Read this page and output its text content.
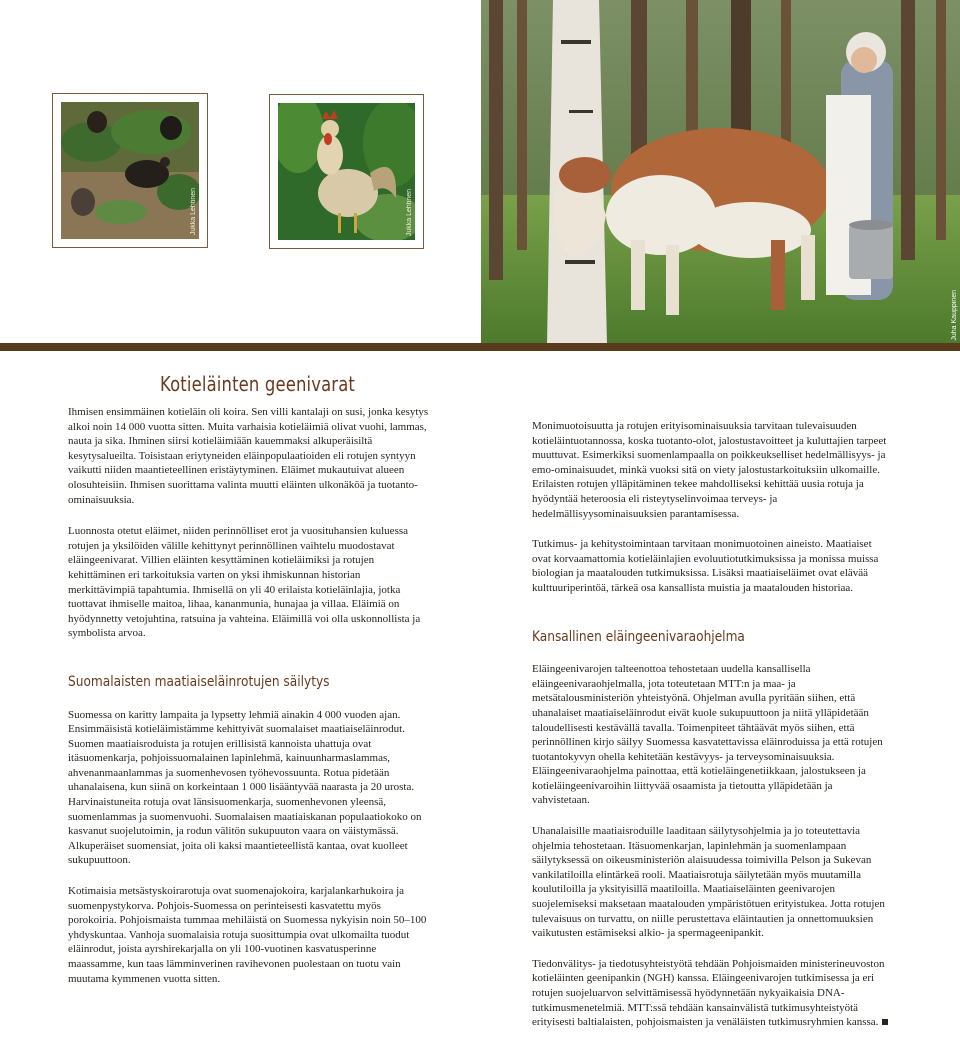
Jukka Lehtinen	Jukka Lehtinen
Juha Kauppinen
Kotieläinten geenivarat

Ihmisen ensimmäinen kotieläin oli koira. Sen villi kantalaji on susi, jonka kesytys alkoi noin 14 000 vuotta sitten. Muita varhaisia kotieläimiä olivat vuohi, lammas, nauta ja sika. Ihminen siirsi kotieläimiään kauemmaksi alkuperäisiltä kesytysalueilta. Toisistaan eriytyneiden eläinpopulaatioiden eli rotujen syntyyn vaikutti niiden maantieteellinen eristäytyminen. Eläimet mukautuivat alueen olosuhteisiin. Ihmisen suorittama valinta muutti eläinten ulkonäköä ja tuotanto-ominaisuuksia.

Luonnosta otetut eläimet, niiden perinnölliset erot ja vuosituhansien kuluessa rotujen ja yksilöiden välille kehittynyt perinnöllinen vaihtelu muodostavat eläingeenivarat. Villien eläinten kesyttäminen kotieläimiksi ja rotujen kehittäminen eri tarkoituksia varten on yksi ihmiskunnan historian merkittävimpiä tapahtumia. Ihmisellä on yli 40 erilaista kotieläinlajia, jotka tuottavat ihmiselle maitoa, lihaa, kananmunia, hunajaa ja villaa. Eläimiä on hyödynnetty vetojuhtina, ratsuina ja vahteina. Eläimillä voi olla uskonnollista ja symbolista arvoa.

Suomalaisten maatiaiseläinrotujen säilytys

Suomessa on karitty lampaita ja lypsetty lehmiä ainakin 4 000 vuoden ajan. Ensimmäisistä kotieläimistämme kehittyivät suomalaiset maatiaiseläinrodut. Suomen maatiaisroduista ja rotujen erillisistä kannoista uhattuja ovat itäsuomenkarja, pohjoissuomalainen lapinlehmä, kainuunharmaslammas, ahvenanmaanlammas ja suomenhevosen työhevossuunta. Rotua pidetään uhanalaisena, kun siinä on korkeintaan 1 000 lisääntyvää naarasta ja 20 urosta. Harvinaistuneita rotuja ovat länsisuomenkarja, suomenhevonen yleensä, suomenlammas ja suomenvuohi. Suomalaisen maatiaiskanan populaatiokoko on kasvanut suojelutoimin, ja rodun välitön sukupuuton vaara on väistymässä. Alkuperäiset suomensiat, joita oli kaksi maantieteellistä kantaa, ovat kuolleet sukupuuttoon.

Kotimaisia metsästyskoirarotuja ovat suomenajokoira, karjalankarhukoira ja suomenpystykorva. Pohjois-Suomessa on perinteisesti kasvatettu myös porokoiria. Pohjoismaista tummaa mehiläistä on Suomessa nykyisin noin 50–100 yhdyskuntaa. Vanhoja suomalaisia rotuja suosittumpia ovat ulkomailta tuodut eläinrodut, joista ayrshirekarjalla on yli 100-vuotinen kasvatusperinne maassamme, kun taas lämminverinen ravihevonen puolestaan on tuotu vain muutama kymmenen vuotta sitten.

Monimuotoisuutta ja rotujen erityisominaisuuksia tarvitaan tulevaisuuden kotieläintuotannossa, koska tuotanto-olot, jalostustavoitteet ja kuluttajien tarpeet muuttuvat. Esimerkiksi suomenlampaalla on poikkeukselliset hedelmällisyys- ja emo-ominaisuudet, minkä vuoksi sitä on viety jalostustarkoituksiin ulkomaille. Erilaisten rotujen ylläpitäminen tekee mahdolliseksi kehittää uusia rotuja ja hyödyntää heteroosia eli risteytyselinvoimaa terveys- ja hedelmällisyysominaisuuksien parantamisessa.

Tutkimus- ja kehitystoimintaan tarvitaan monimuotoinen aineisto. Maatiaiset ovat korvaamattomia kotieläinlajien evoluutiotutkimuksissa ja monissa muissa biologian ja maatalouden tutkimuksissa. Lisäksi maatiaiseläimet ovat elävää kulttuuriperintöä, tärkeä osa kansallista muistia ja maatalouden historiaa.

Kansallinen eläingeenivaraohjelma

Eläingeenivarojen talteenottoa tehostetaan uudella kansallisella eläingeenivaraohjelmalla, jota toteutetaan MTT:n ja maa- ja metsätalousministeriön yhteistyönä. Ohjelman avulla pyritään siihen, että uhanalaiset maatiaiseläinrodut eivät kuole sukupuuttoon ja niitä ylläpidetään taloudellisesti kestävällä tavalla. Toimenpiteet tähtäävät myös siihen, että perinnöllinen kirjo säilyy Suomessa kasvatettavissa eläinroduissa ja että rotujen tuotantokyvyn ohella kehitetään kestävyys- ja terveysominaisuuksia. Eläingeenivaraohjelma painottaa, että kotieläingenetiikkaan, jalostukseen ja kotieläingeenivaroihin liittyvää osaamista ja tietoutta ylläpidetään ja vahvistetaan.

Uhanalaisille maatiaisroduille laaditaan säilytysohjelmia ja jo toteutettavia ohjelmia tehostetaan. Itäsuomenkarjan, lapinlehmän ja suomenlampaan säilytyksessä on oikeusministeriön alaisuudessa toimivilla Pelson ja Sukevan vankilatiloilla elintärkeä rooli. Maatiaisrotuja säilytetään myös muutamilla koulutiloilla ja yksityisillä maatiloilla. Maatiaiseläinten geenivarojen suojelemiseksi maksetaan maatalouden ympäristötuen erityistukea. Jotta rotujen tulevaisuus on turvattu, on niille perustettava eläintautien ja onnettomuuksien vaikutusten estämiseksi alkio- ja spermageenipankit.

Tiedonvälitys- ja tiedotusyhteistyötä tehdään Pohjoismaiden ministerineuvoston kotieläinten geenipankin (NGH) kanssa. Eläingeenivarojen tutkimisessa ja eri rotujen suojeluarvon selvittämisessä hyödynnetään nykyaikaisia DNA-tutkimusmenetelmiä. MTT:ssä tehdään kansainvälistä tutkimusyhteistyötä erityisesti baltialaisten, pohjoismaisten ja venäläisten tutkimusryhmien kanssa.
